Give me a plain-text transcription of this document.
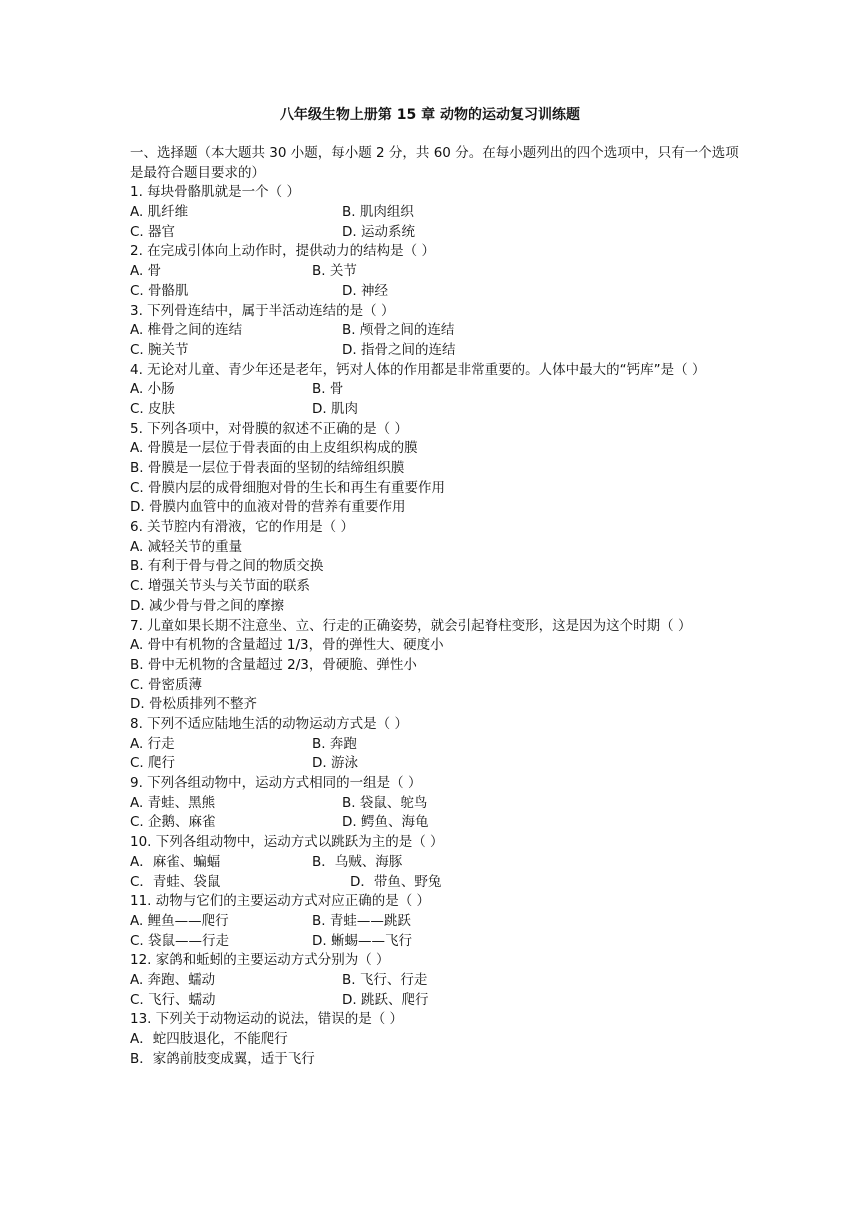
八年级生物上册第 15 章 动物的运动复习训练题
一、选择题（本大题共 30 小题，每小题 2 分，共 60 分。在每小题列出的四个选项中，只有一个选项是最符合题目要求的）
1. 每块骨骼肌就是一个（ ）
A. 肌纤维	B. 肌肉组织
C. 器官	D. 运动系统
2. 在完成引体向上动作时，提供动力的结构是（ ）
A. 骨	B. 关节
C. 骨骼肌	D. 神经
3. 下列骨连结中，属于半活动连结的是（ ）
A. 椎骨之间的连结	B. 颅骨之间的连结
C. 腕关节	D. 指骨之间的连结
4. 无论对儿童、青少年还是老年，钙对人体的作用都是非常重要的。人体中最大的“钙库”是（ ）
A. 小肠	B. 骨
C. 皮肤	D. 肌肉
5. 下列各项中，对骨膜的叙述不正确的是（ ）
A. 骨膜是一层位于骨表面的由上皮组织构成的膜
B. 骨膜是一层位于骨表面的坚韧的结缔组织膜
C. 骨膜内层的成骨细胞对骨的生长和再生有重要作用
D. 骨膜内血管中的血液对骨的营养有重要作用
6. 关节腔内有滑液，它的作用是（ ）
A. 减轻关节的重量
B. 有利于骨与骨之间的物质交换
C. 增强关节头与关节面的联系
D. 减少骨与骨之间的摩擦
7. 儿童如果长期不注意坐、立、行走的正确姿势，就会引起脊柱变形，这是因为这个时期（ ）
A. 骨中有机物的含量超过 1/3，骨的弹性大、硬度小
B. 骨中无机物的含量超过 2/3，骨硬脆、弹性小
C. 骨密质薄
D. 骨松质排列不整齐
8. 下列不适应陆地生活的动物运动方式是（ ）
A. 行走	B. 奔跑
C. 爬行	D. 游泳
9. 下列各组动物中，运动方式相同的一组是（ ）
A. 青蛙、黑熊	B. 袋鼠、鸵鸟
C. 企鹅、麻雀	D. 鳄鱼、海龟
10. 下列各组动物中，运动方式以跳跃为主的是（ ）
A．麻雀、蝙蝠	B．乌贼、海豚
C．青蛙、袋鼠	D．带鱼、野兔
11. 动物与它们的主要运动方式对应正确的是（ ）
A. 鲤鱼——爬行	B. 青蛙——跳跃
C. 袋鼠——行走	D. 蜥蜴——飞行
12. 家鸽和蚯蚓的主要运动方式分别为（ ）
A. 奔跑、蠕动	B. 飞行、行走
C. 飞行、蠕动	D. 跳跃、爬行
13. 下列关于动物运动的说法，错误的是（ ）
A．蛇四肢退化，不能爬行
B．家鸽前肢变成翼，适于飞行
